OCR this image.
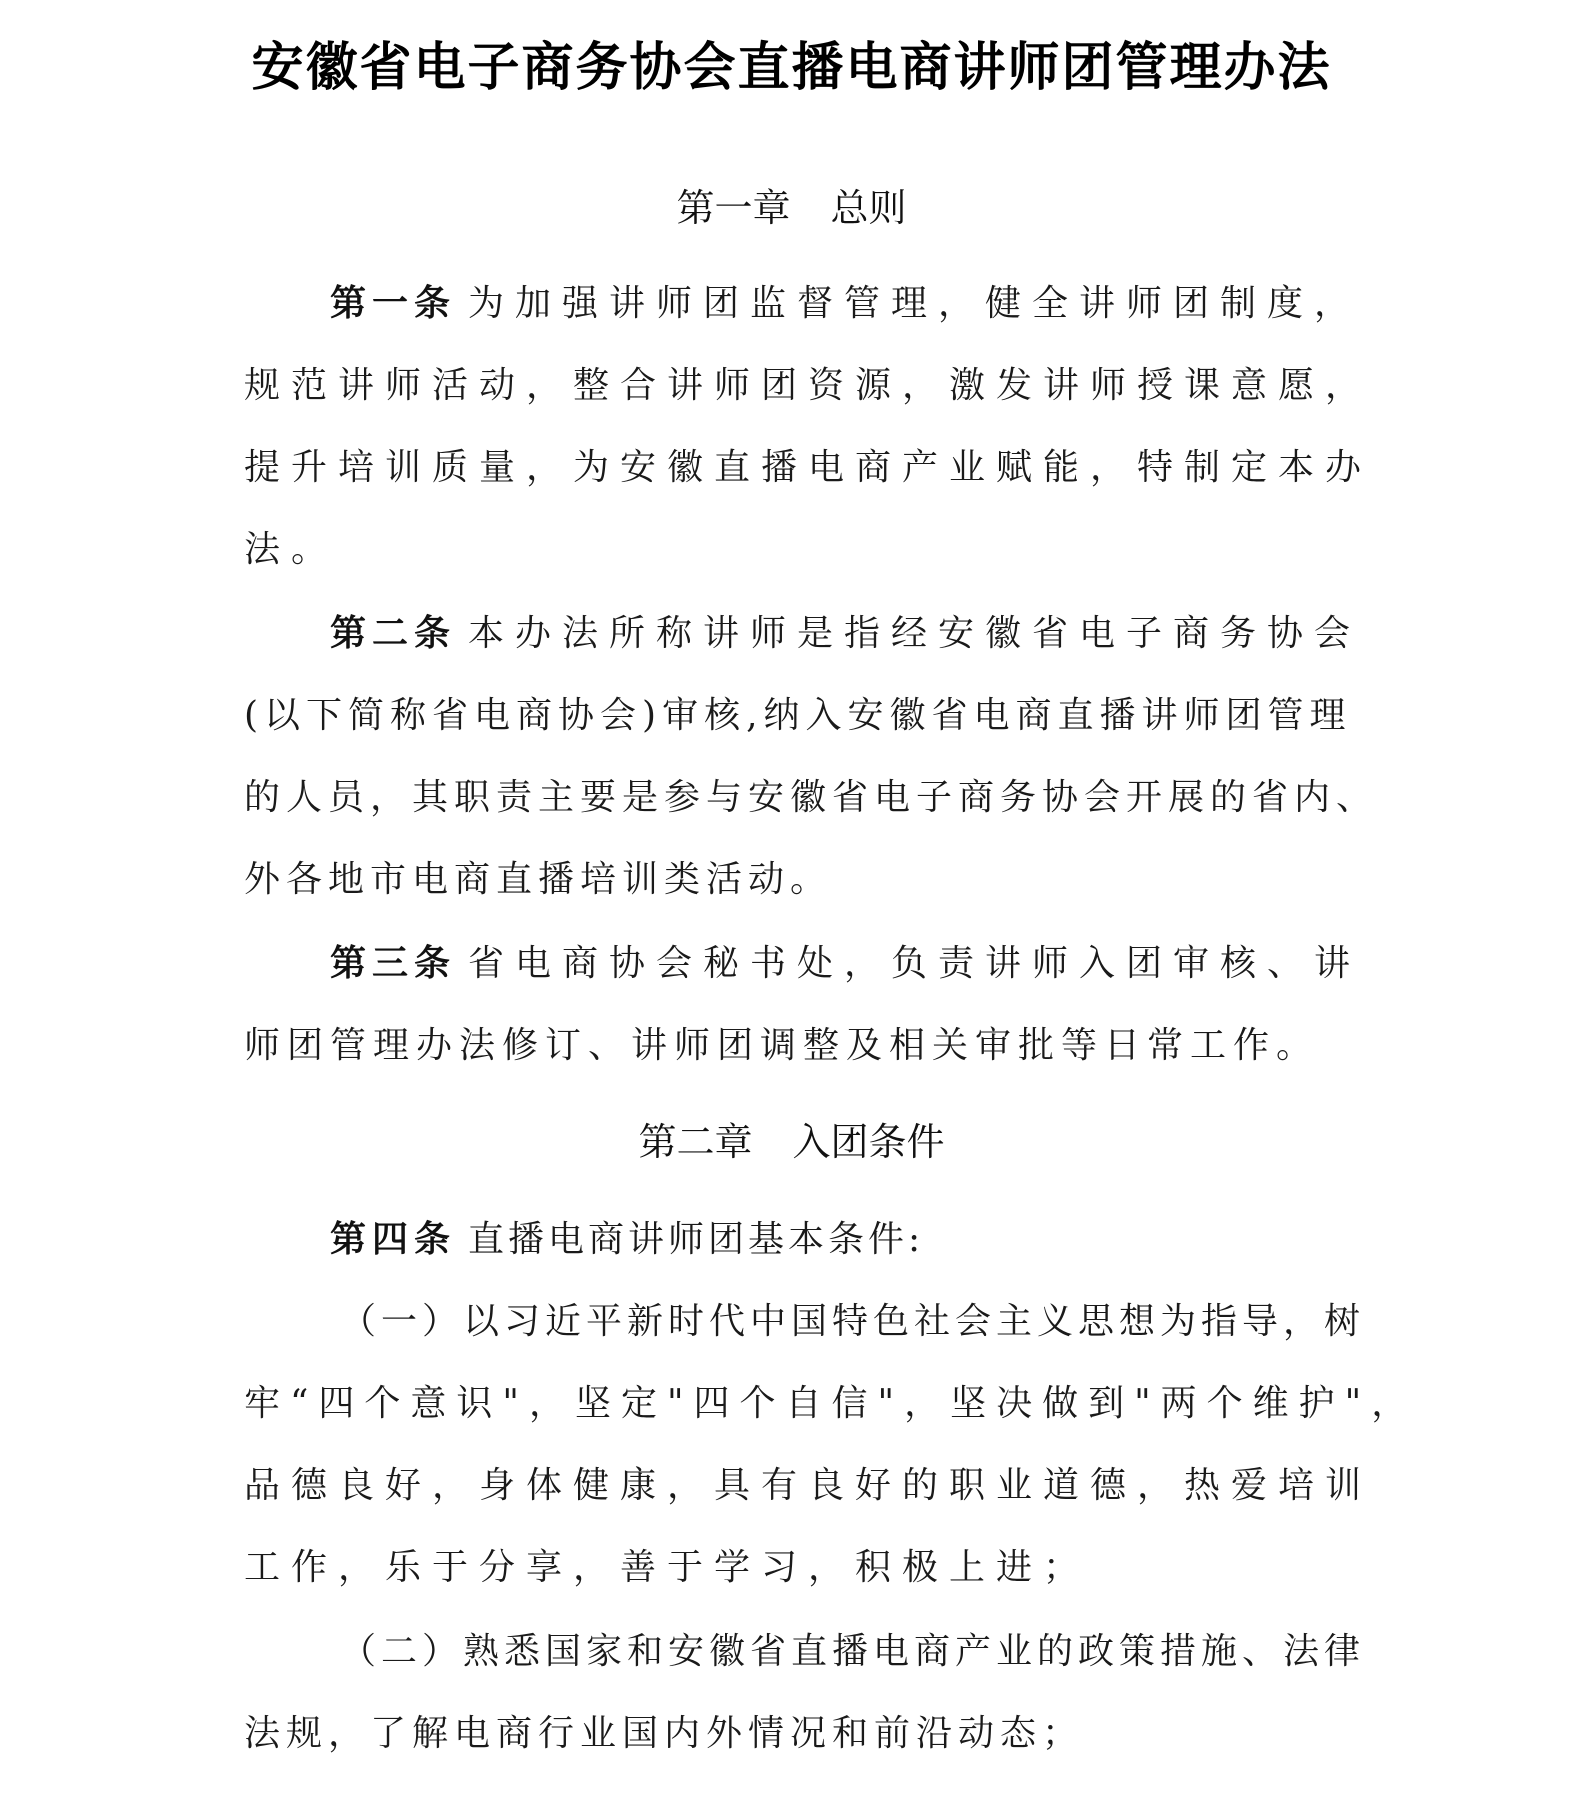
安徽省电子商务协会直播电商讲师团管理办法
第一章 总则
第一条 为加强讲师团监督管理，健全讲师团制度，
规范讲师活动，整合讲师团资源，激发讲师授课意愿，
提升培训质量，为安徽直播电商产业赋能，特制定本办
法。
第二条 本办法所称讲师是指经安徽省电子商务协会
(以下简称省电商协会)审核,纳入安徽省电商直播讲师团管理
的人员，其职责主要是参与安徽省电子商务协会开展的省内、
外各地市电商直播培训类活动。
第三条 省电商协会秘书处，负责讲师入团审核、讲
师团管理办法修订、讲师团调整及相关审批等日常工作。
第二章 入团条件
第四条 直播电商讲师团基本条件:
（一）以习近平新时代中国特色社会主义思想为指导，树
牢“四个意识"，坚定"四个自信"，坚决做到"两个维护"，
品德良好，身体健康，具有良好的职业道德，热爱培训
工作，乐于分享，善于学习，积极上进；
（二）熟悉国家和安徽省直播电商产业的政策措施、法律
法规，了解电商行业国内外情况和前沿动态；
